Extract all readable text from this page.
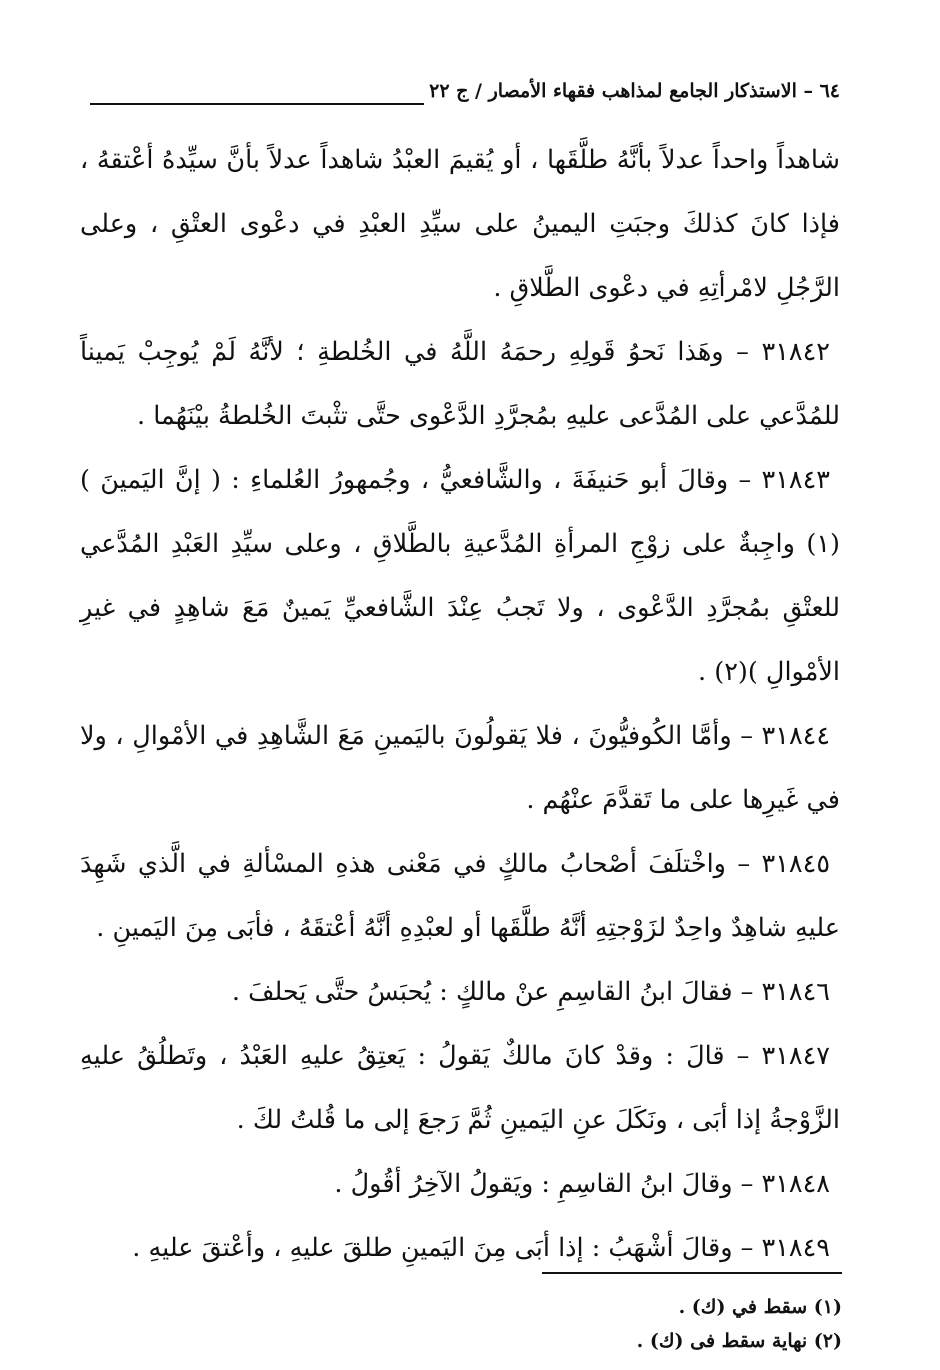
٦٤ – الاستذكار الجامع لمذاهب فقهاء الأمصار / ج ٢٢

شاهداً واحداً عدلاً بأنَّهُ طلَّقَها ، أو يُقيمَ العبْدُ شاهداً عدلاً بأنَّ سيِّدهُ أعْتقهُ ، فإذا كانَ كذلكَ وجبَتِ اليمينُ على سيِّدِ العبْدِ في دعْوى العتْقِ ، وعلى الرَّجُلِ لامْرأتِهِ في دعْوى الطَّلاقِ .

٣١٨٤٢ – وهَذا نَحوُ قَولِهِ رحمَهُ اللَّهُ في الخُلطةِ ؛ لأنَّهُ لَمْ يُوجِبْ يَميناً للمُدَّعي على المُدَّعى عليهِ بمُجرَّدِ الدَّعْوى حتَّى تثْبتَ الخُلطةُ بيْنَهُما .

٣١٨٤٣ – وقالَ أبو حَنيفَةَ ، والشَّافعيُّ ، وجُمهورُ العُلماءِ : ( إنَّ اليَمينَ )(١) واجِبةٌ على زوْجِ المرأةِ المُدَّعيةِ بالطَّلاقِ ، وعلى سيِّدِ العَبْدِ المُدَّعي للعتْقِ بمُجرَّدِ الدَّعْوى ، ولا تَجبُ عِنْدَ الشَّافعيِّ يَمينٌ مَعَ شاهِدٍ في غيرِ الأمْوالِ )(٢) .

٣١٨٤٤ – وأمَّا الكُوفيُّونَ ، فلا يَقولُونَ باليَمينِ مَعَ الشَّاهِدِ في الأمْوالِ ، ولا في غَيرِها على ما تَقدَّمَ عنْهُم .

٣١٨٤٥ – واخْتلَفَ أصْحابُ مالكٍ في مَعْنى هذهِ المسْألةِ في الَّذي شَهِدَ عليهِ شاهِدٌ واحِدٌ لزَوْجتِهِ أنَّهُ طلَّقَها أو لعبْدِهِ أنَّهُ أعْتقَهُ ، فأبَى مِنَ اليَمينِ .

٣١٨٤٦ – فقالَ ابنُ القاسِمِ عنْ مالكٍ : يُحبَسُ حتَّى يَحلفَ .

٣١٨٤٧ – قالَ : وقدْ كانَ مالكٌ يَقولُ : يَعتِقُ عليهِ العَبْدُ ، وتَطلُقُ عليهِ الزَّوْجةُ إذا أبَى ، ونَكَلَ عنِ اليَمينِ ثُمَّ رَجعَ إلى ما قُلتُ لكَ .

٣١٨٤٨ – وقالَ ابنُ القاسِمِ : ويَقولُ الآخِرُ أقُولُ .

٣١٨٤٩ – وقالَ أشْهَبُ : إذا أبَى مِنَ اليَمينِ طلقَ عليهِ ، وأعْتقَ عليهِ .

(١) سقط في (ك) .
(٢) نهاية سقط فى (ك) .
